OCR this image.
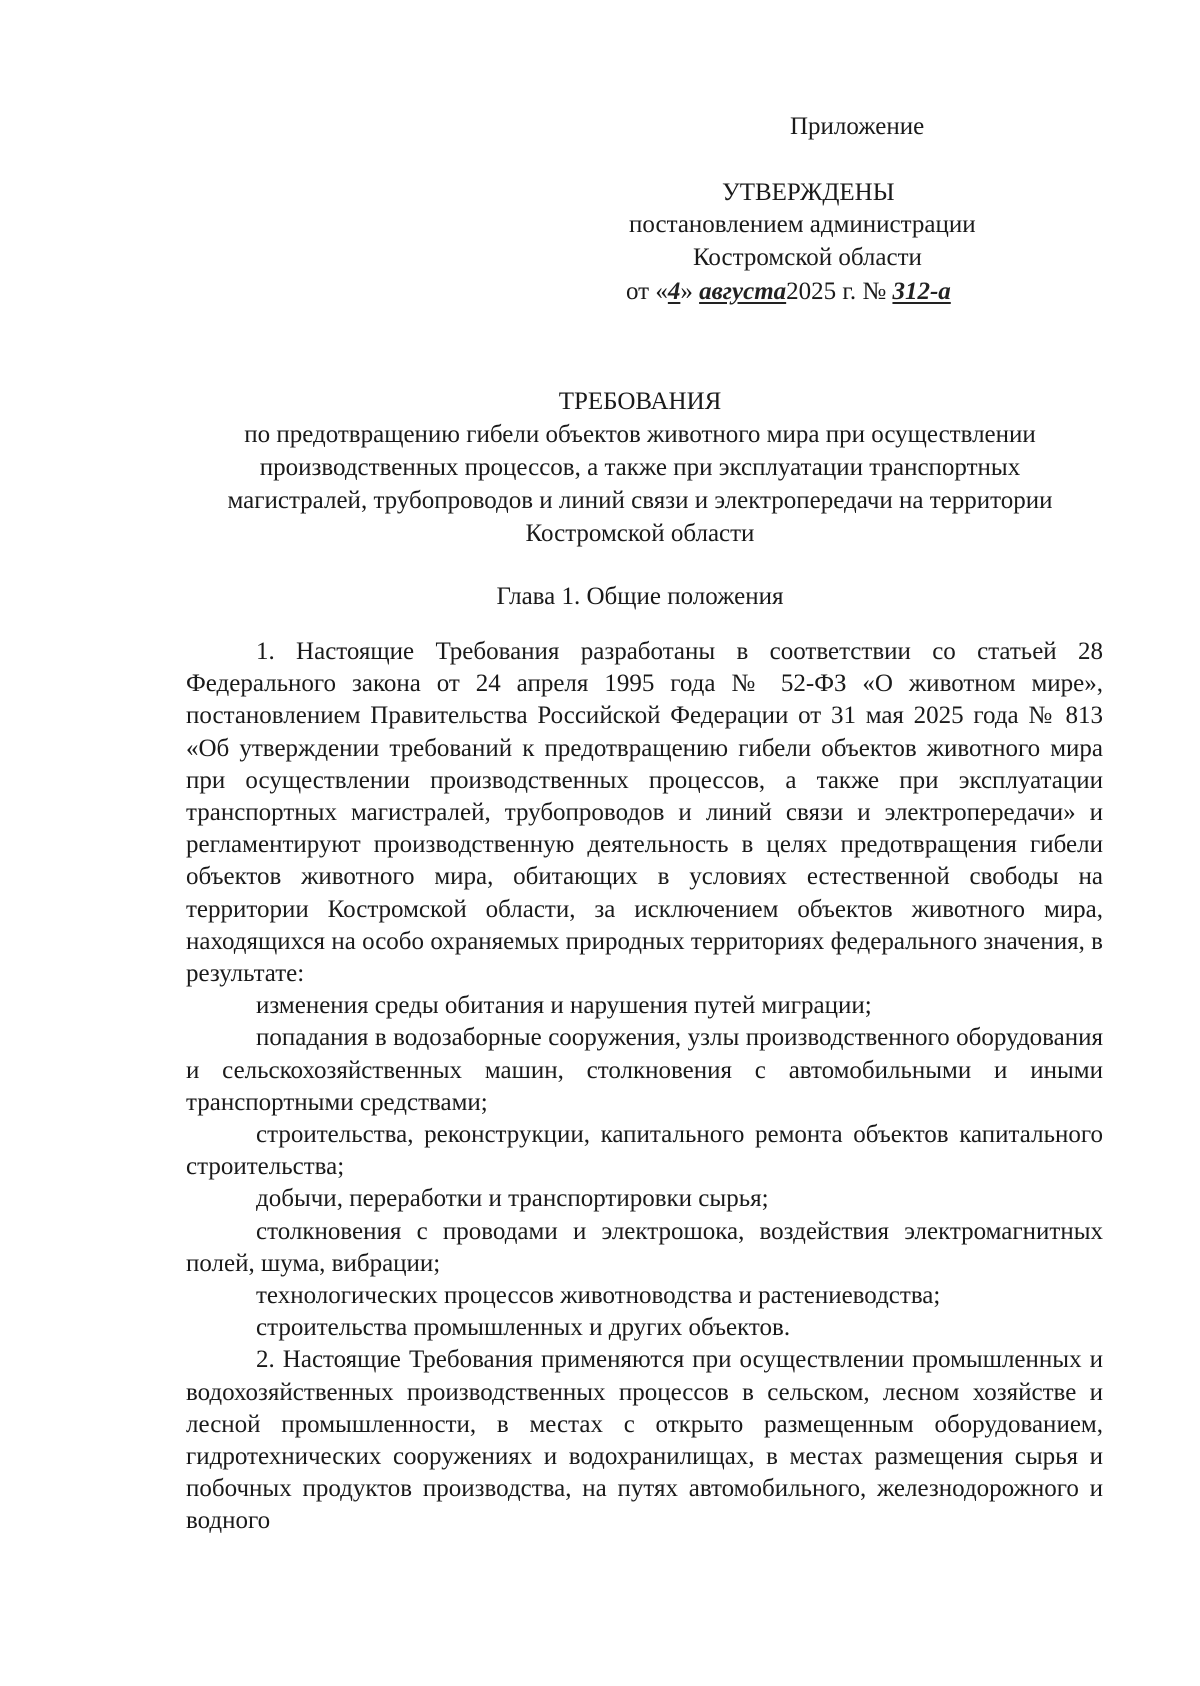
Приложение
УТВЕРЖДЕНЫ
постановлением администрации
Костромской области
от «4» августа2025 г. № 312-а
ТРЕБОВАНИЯ
по предотвращению гибели объектов животного мира при осуществлении
производственных процессов, а также при эксплуатации транспортных
магистралей, трубопроводов и линий связи и электропередачи на территории
Костромской области
Глава 1. Общие положения

1. Настоящие Требования разработаны в соответствии со статьей 28 Федерального закона от 24 апреля 1995 года № 52-ФЗ «О животном мире», постановлением Правительства Российской Федерации от 31 мая 2025 года № 813 «Об утверждении требований к предотвращению гибели объектов животного мира при осуществлении производственных процессов, а также при эксплуатации транспортных магистралей, трубопроводов и линий связи и электропередачи» и регламентируют производственную деятельность в целях предотвращения гибели объектов животного мира, обитающих в условиях естественной свободы на территории Костромской области, за исключением объектов животного мира, находящихся на особо охраняемых природных территориях федерального значения, в результате:

изменения среды обитания и нарушения путей миграции;

попадания в водозаборные сооружения, узлы производственного оборудования и сельскохозяйственных машин, столкновения с автомобильными и иными транспортными средствами;

строительства, реконструкции, капитального ремонта объектов капитального строительства;

добычи, переработки и транспортировки сырья;

столкновения с проводами и электрошока, воздействия электромагнитных полей, шума, вибрации;

технологических процессов животноводства и растениеводства;

строительства промышленных и других объектов.

2. Настоящие Требования применяются при осуществлении промышленных и водохозяйственных производственных процессов в сельском, лесном хозяйстве и лесной промышленности, в местах с открыто размещенным оборудованием, гидротехнических сооружениях и водохранилищах, в местах размещения сырья и побочных продуктов производства, на путях автомобильного, железнодорожного и водного
